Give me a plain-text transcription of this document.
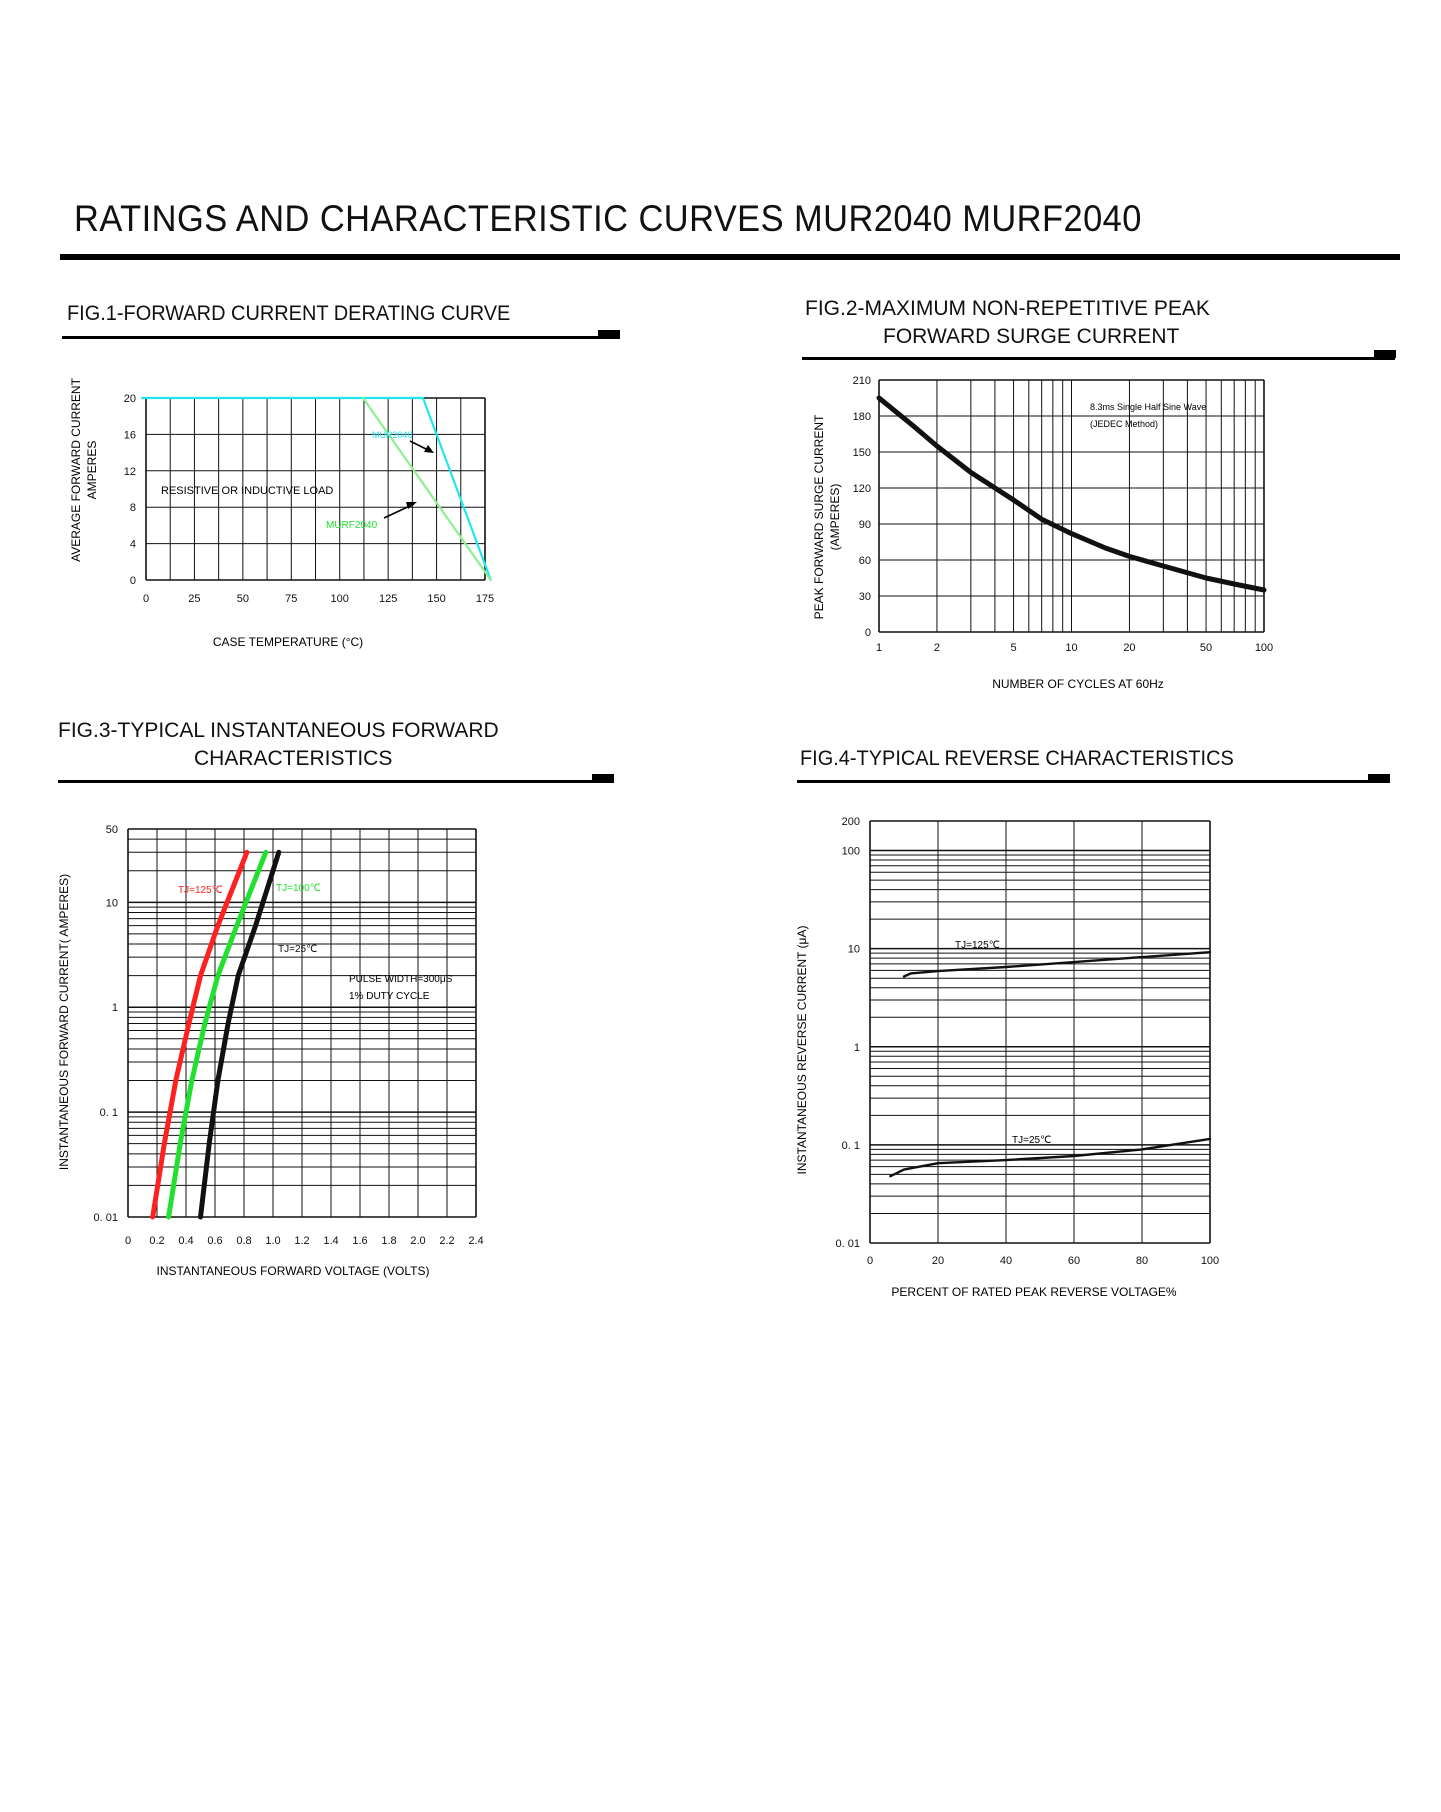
RATINGS AND CHARACTERISTIC CURVES MUR2040 MURF2040
FIG.1-FORWARD CURRENT DERATING CURVE	FIG.2-MAXIMUM NON-REPETITIVE PEAK
FORWARD SURGE CURRENT
FIG.3-TYPICAL INSTANTANEOUS FORWARD
CHARACTERISTICS	FIG.4-TYPICAL REVERSE CHARACTERISTICS
0	25	50	75	100	125	150	175
0
4
8
12
16
20
AVERAGE FORWARD CURRENT AMPERES
CASE TEMPERATURE (°C)
RESISTIVE OR INDUCTIVE LOAD
MUR2040
MURF2040
1	2	5	10	20	50	100
0
30
60
90
120
150
180
210
PEAK FORWARD SURGE CURRENT (AMPERES)
NUMBER OF CYCLES AT 60Hz
8.3ms Single Half Sine Wave
(JEDEC Method)
0 0.2 0.4 0.6 0.8 1.0 1.2 1.4 1.6 1.8 2.0 2.2 2.4
0. 01
0. 1
1
10
50
INSTANTANEOUS FORWARD CURRENT( AMPERES)
INSTANTANEOUS FORWARD VOLTAGE (VOLTS)
PULSE WIDTH=300μS
1% DUTY CYCLE
TJ=125℃	TJ=100℃
TJ=25℃
0	20	40	60	80	100
0. 01
0. 1
1
10
100
200
INSTANTANEOUS REVERSE CURRENT (μA)
PERCENT OF RATED PEAK REVERSE VOLTAGE%
TJ=125℃
TJ=25℃
